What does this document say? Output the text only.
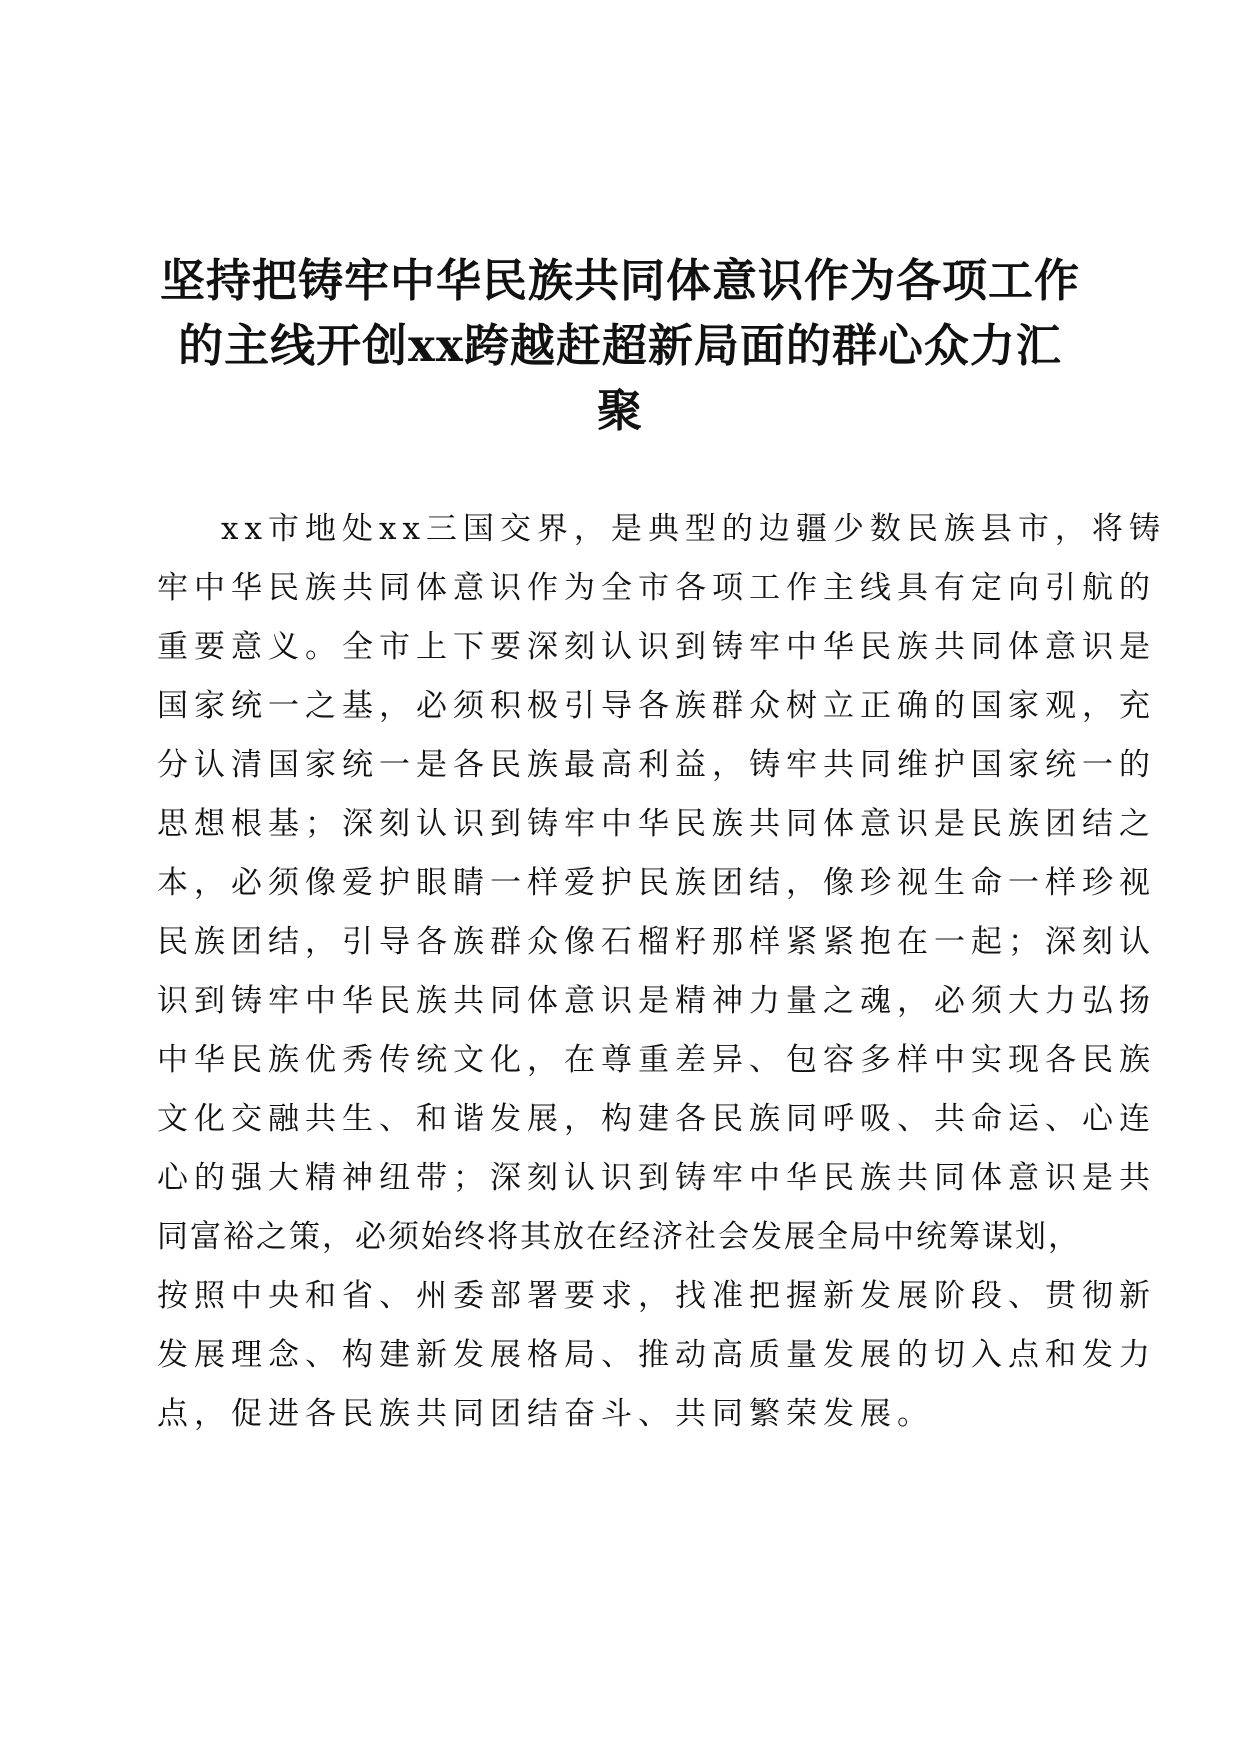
坚持把铸牢中华民族共同体意识作为各项工作
的主线开创xx跨越赶超新局面的群心众力汇
聚
xx市地处xx三国交界，是典型的边疆少数民族县市，将铸
牢中华民族共同体意识作为全市各项工作主线具有定向引航的
重要意义。全市上下要深刻认识到铸牢中华民族共同体意识是
国家统一之基，必须积极引导各族群众树立正确的国家观，充
分认清国家统一是各民族最高利益，铸牢共同维护国家统一的
思想根基；深刻认识到铸牢中华民族共同体意识是民族团结之
本，必须像爱护眼睛一样爱护民族团结，像珍视生命一样珍视
民族团结，引导各族群众像石榴籽那样紧紧抱在一起；深刻认
识到铸牢中华民族共同体意识是精神力量之魂，必须大力弘扬
中华民族优秀传统文化，在尊重差异、包容多样中实现各民族
文化交融共生、和谐发展，构建各民族同呼吸、共命运、心连
心的强大精神纽带；深刻认识到铸牢中华民族共同体意识是共
同富裕之策，必须始终将其放在经济社会发展全局中统筹谋划，
按照中央和省、州委部署要求，找准把握新发展阶段、贯彻新
发展理念、构建新发展格局、推动高质量发展的切入点和发力
点，促进各民族共同团结奋斗、共同繁荣发展。
